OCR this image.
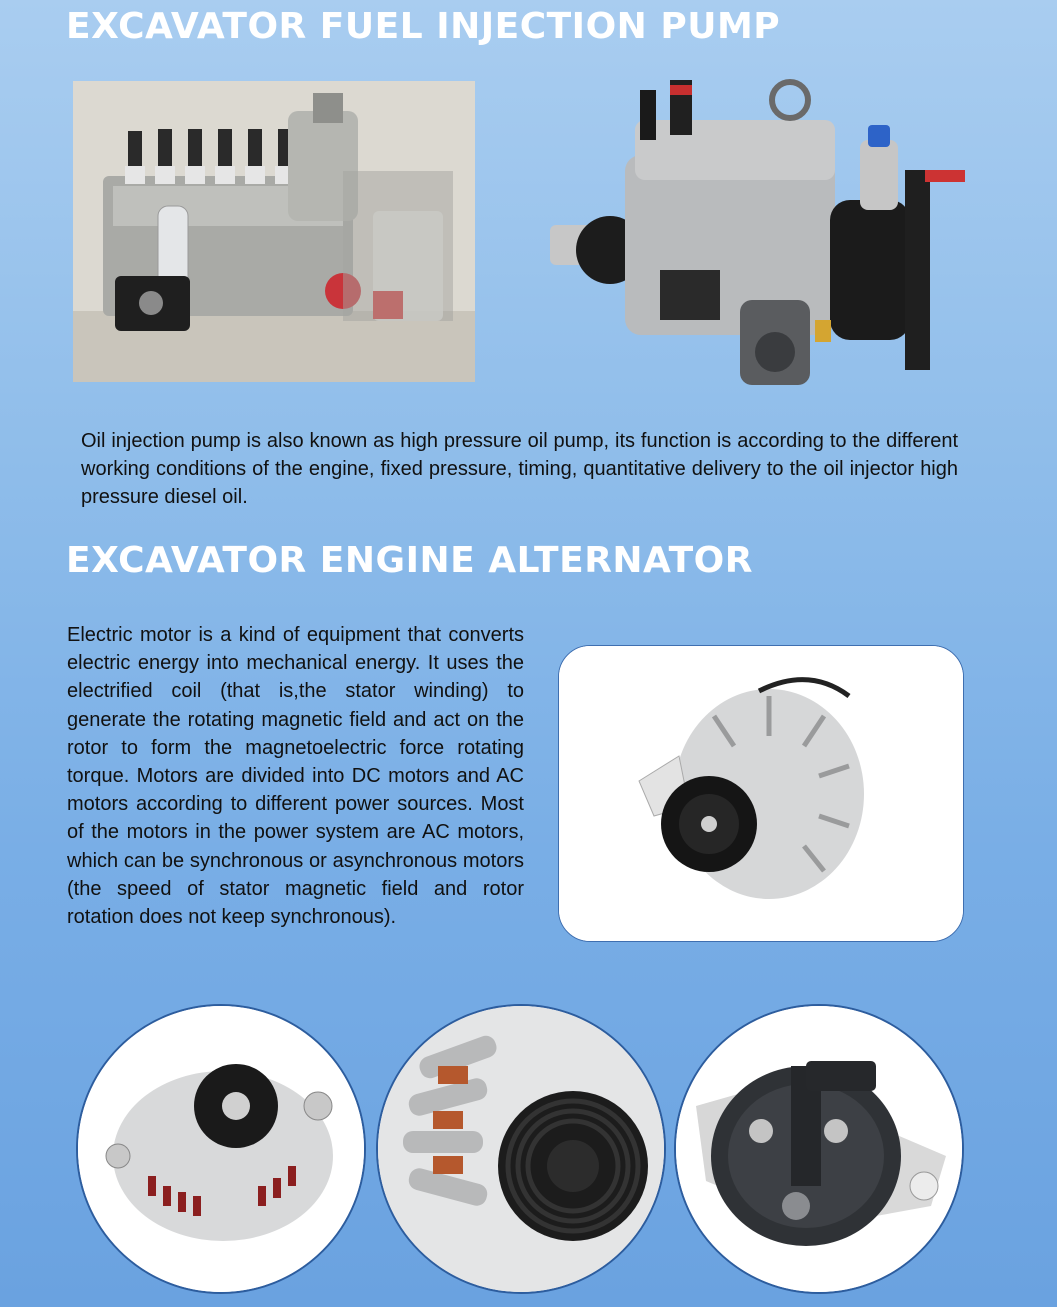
EXCAVATOR FUEL INJECTION PUMP

Oil injection pump is also known as high pressure oil pump, its function is according to the different working conditions of the engine, fixed pressure, timing, quantitative delivery to the oil injector high pressure diesel oil.

EXCAVATOR ENGINE ALTERNATOR

Electric motor is a kind of equipment that converts electric energy into mechanical energy. It uses the electrified coil (that is,the stator winding) to generate the rotating magnetic field and act on the rotor to form the magnetoelectric force rotating torque. Motors are divided into DC motors and AC motors according to different power sources. Most of the motors in the power system are AC motors, which can be synchronous or asynchronous motors (the speed of stator magnetic field and rotor rotation does not keep synchronous).
